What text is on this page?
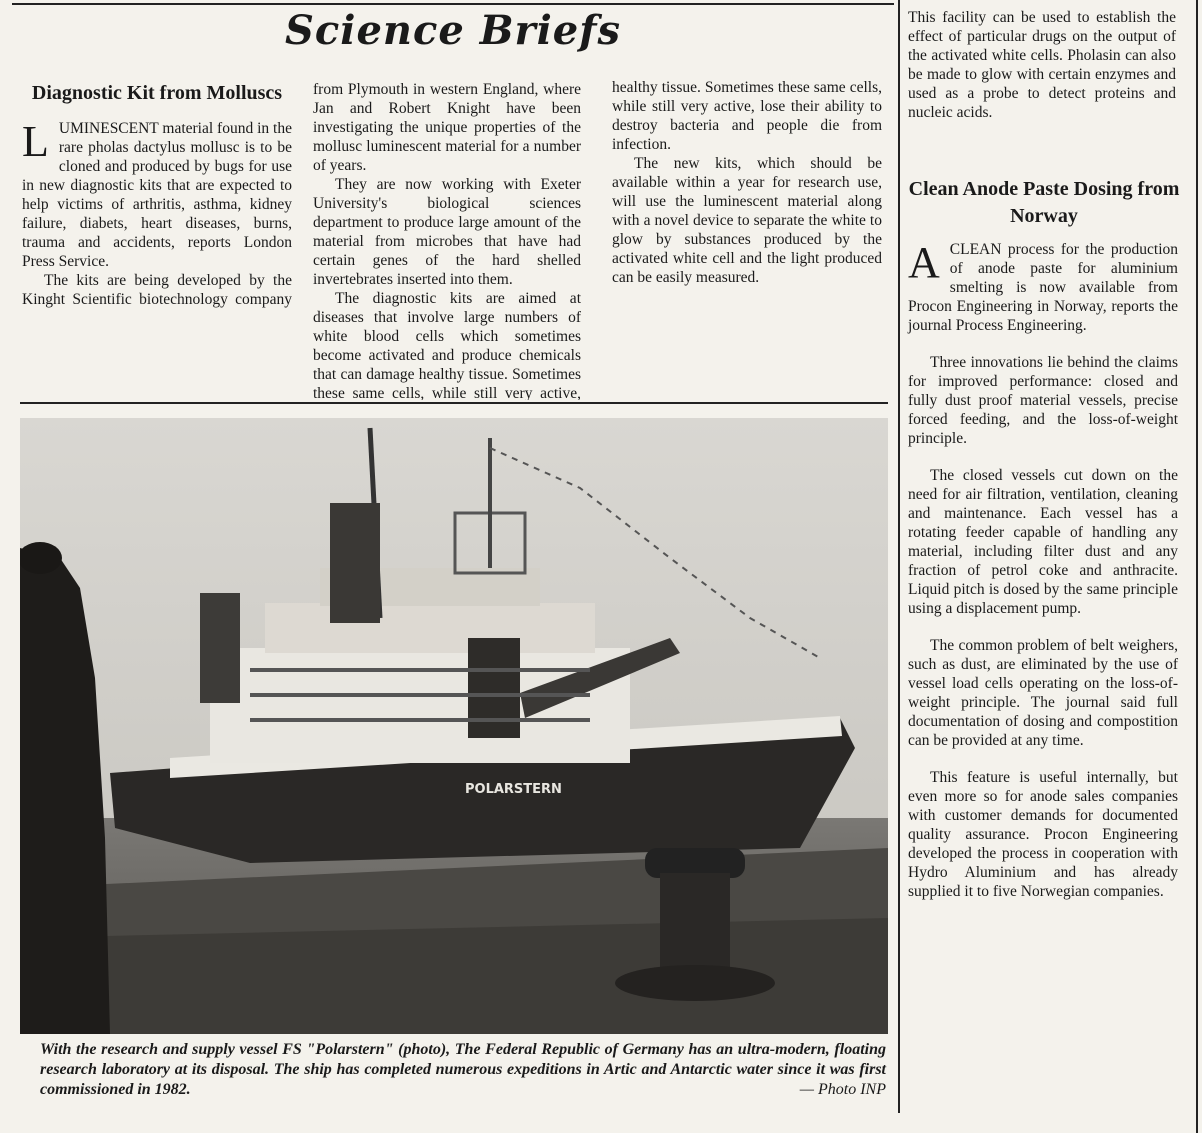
Science Briefs
Diagnostic Kit from Molluscs

LUMINESCENT material found in the rare pholas dactylus mollusc is to be cloned and produced by bugs for use in new diagnostic kits that are expected to help victims of arthritis, asthma, kidney failure, diabets, heart diseases, burns, trauma and accidents, reports London Press Service.

The kits are being developed by the Kinght Scientific biotechnology company

from Plymouth in western England, where Jan and Robert Knight have been investigating the unique properties of the mollusc luminescent material for a number of years.

They are now working with Exeter University's biological sciences department to produce large amount of the material from microbes that have had certain genes of the hard shelled invertebrates inserted into them.

The diagnostic kits are aimed at diseases that involve large numbers of white blood cells which sometimes become activated and produce chemicals that can damage healthy tissue. Sometimes these same cells, while still very active,

healthy tissue. Sometimes these same cells, while still very active, lose their ability to destroy bacteria and people die from infection.

The new kits, which should be available within a year for research use, will use the luminescent material along with a novel device to separate the white to glow by substances produced by the activated white cell and the light produced can be easily measured.

This facility can be used to establish the effect of particular drugs on the output of the activated white cells. Pholasin can also be made to glow with certain enzymes and used as a probe to detect proteins and nucleic acids.

Clean Anode Paste Dosing from Norway

ACLEAN process for the production of anode paste for aluminium smelting is now available from Procon Engineering in Norway, reports the journal Process Engineering.

Three innovations lie behind the claims for improved performance: closed and fully dust proof material vessels, precise forced feeding, and the loss-of-weight principle.

The closed vessels cut down on the need for air filtration, ventilation, cleaning and maintenance. Each vessel has a rotating feeder capable of handling any material, including filter dust and any fraction of petrol coke and anthracite. Liquid pitch is dosed by the same principle using a displacement pump.

The common problem of belt weighers, such as dust, are eliminated by the use of vessel load cells operating on the loss-of-weight principle. The journal said full documentation of dosing and compostition can be provided at any time.

This feature is useful internally, but even more so for anode sales companies with customer demands for documented quality assurance. Procon Engineering developed the process in cooperation with Hydro Aluminium and has already supplied it to five Norwegian companies.

POLARSTERN
With the research and supply vessel FS "Polarstern" (photo), The Federal Republic of Germany has an ultra-modern, floating research laboratory at its disposal. The ship has completed numerous expeditions in Artic and Antarctic water since it was first commissioned in 1982.	— Photo INP
